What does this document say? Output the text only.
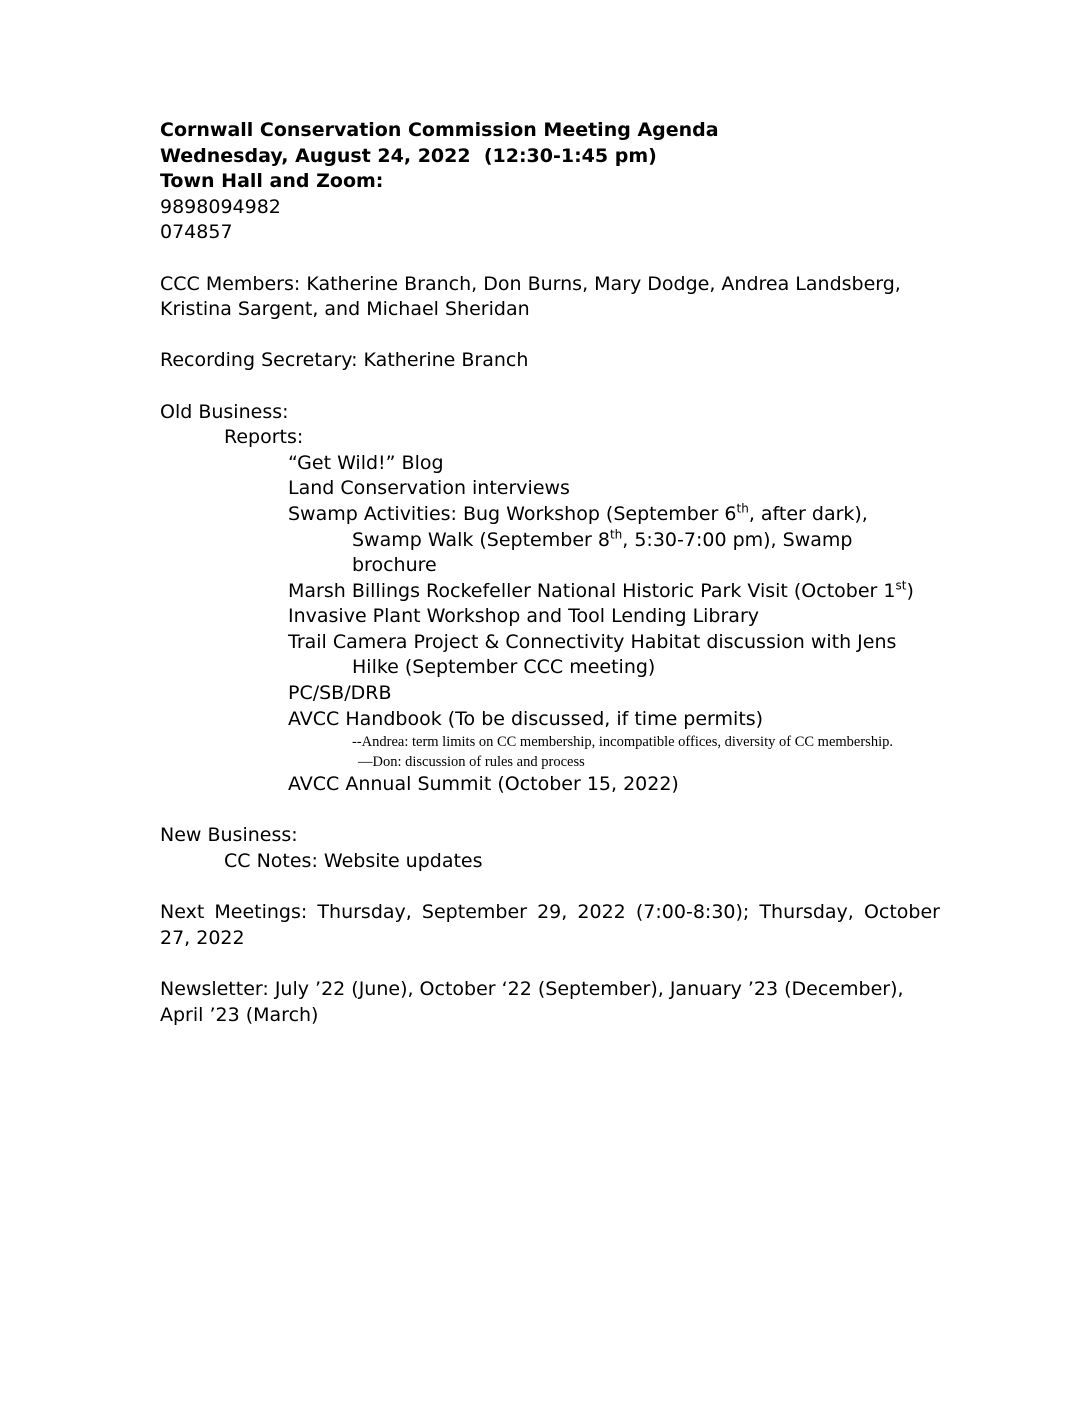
Cornwall Conservation Commission Meeting Agenda
Wednesday, August 24, 2022  (12:30-1:45 pm)
Town Hall and Zoom:
9898094982
074857
CCC Members: Katherine Branch, Don Burns, Mary Dodge, Andrea Landsberg, Kristina Sargent, and Michael Sheridan
Recording Secretary: Katherine Branch
Old Business:
Reports:
“Get Wild!” Blog
Land Conservation interviews
Swamp Activities: Bug Workshop (September 6th, after dark), Swamp Walk (September 8th, 5:30-7:00 pm), Swamp brochure
Marsh Billings Rockefeller National Historic Park Visit (October 1st)
Invasive Plant Workshop and Tool Lending Library
Trail Camera Project & Connectivity Habitat discussion with Jens Hilke (September CCC meeting)
PC/SB/DRB
AVCC Handbook (To be discussed, if time permits)
--Andrea: term limits on CC membership, incompatible offices, diversity of CC membership.
—Don: discussion of rules and process
AVCC Annual Summit (October 15, 2022)
New Business:
CC Notes: Website updates
Next Meetings: Thursday, September 29, 2022 (7:00-8:30); Thursday, October 27, 2022
Newsletter: July ’22 (June), October ‘22 (September), January ’23 (December), April ’23 (March)
